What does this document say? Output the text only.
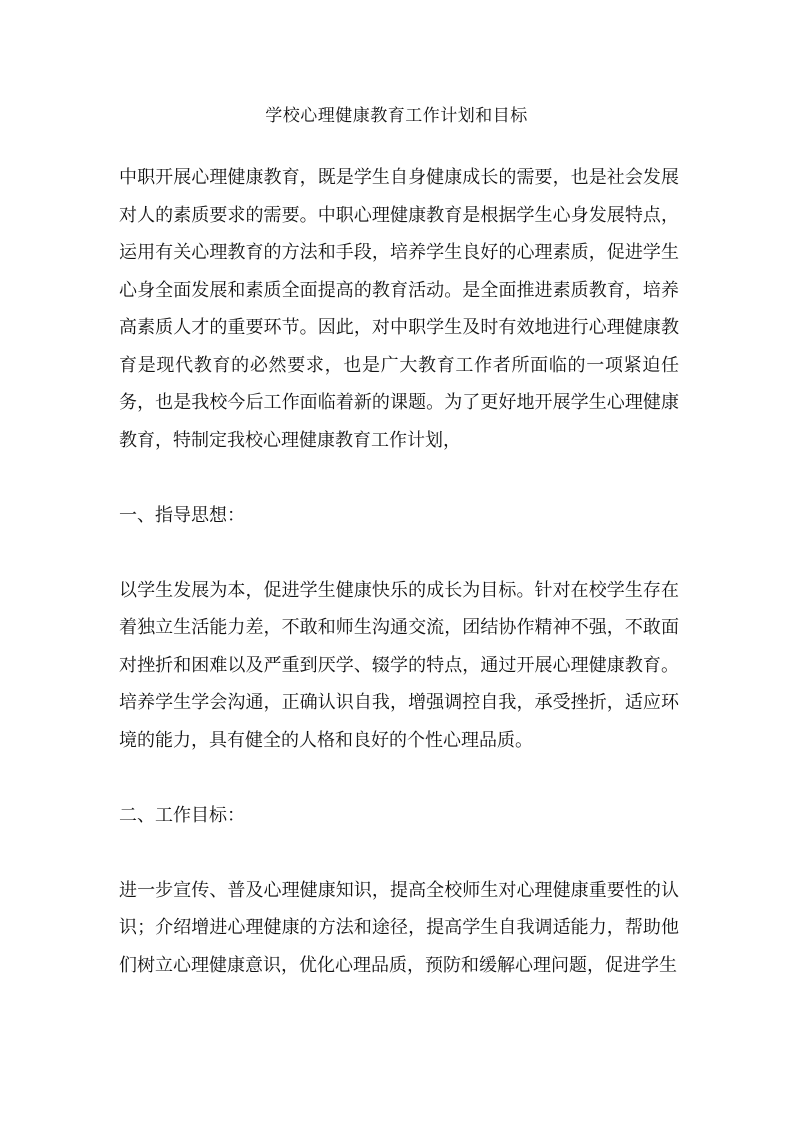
学校心理健康教育工作计划和目标

中职开展心理健康教育，既是学生自身健康成长的需要，也是社会发展对人的素质要求的需要。中职心理健康教育是根据学生心身发展特点，运用有关心理教育的方法和手段，培养学生良好的心理素质，促进学生心身全面发展和素质全面提高的教育活动。是全面推进素质教育，培养高素质人才的重要环节。因此，对中职学生及时有效地进行心理健康教育是现代教育的必然要求，也是广大教育工作者所面临的一项紧迫任务，也是我校今后工作面临着新的课题。为了更好地开展学生心理健康教育，特制定我校心理健康教育工作计划，

一、指导思想：

以学生发展为本，促进学生健康快乐的成长为目标。针对在校学生存在着独立生活能力差，不敢和师生沟通交流，团结协作精神不强，不敢面对挫折和困难以及严重到厌学、辍学的特点，通过开展心理健康教育。培养学生学会沟通，正确认识自我，增强调控自我，承受挫折，适应环境的能力，具有健全的人格和良好的个性心理品质。

二、工作目标：

进一步宣传、普及心理健康知识，提高全校师生对心理健康重要性的认识；介绍增进心理健康的方法和途径，提高学生自我调适能力，帮助他们树立心理健康意识，优化心理品质，预防和缓解心理问题，促进学生
